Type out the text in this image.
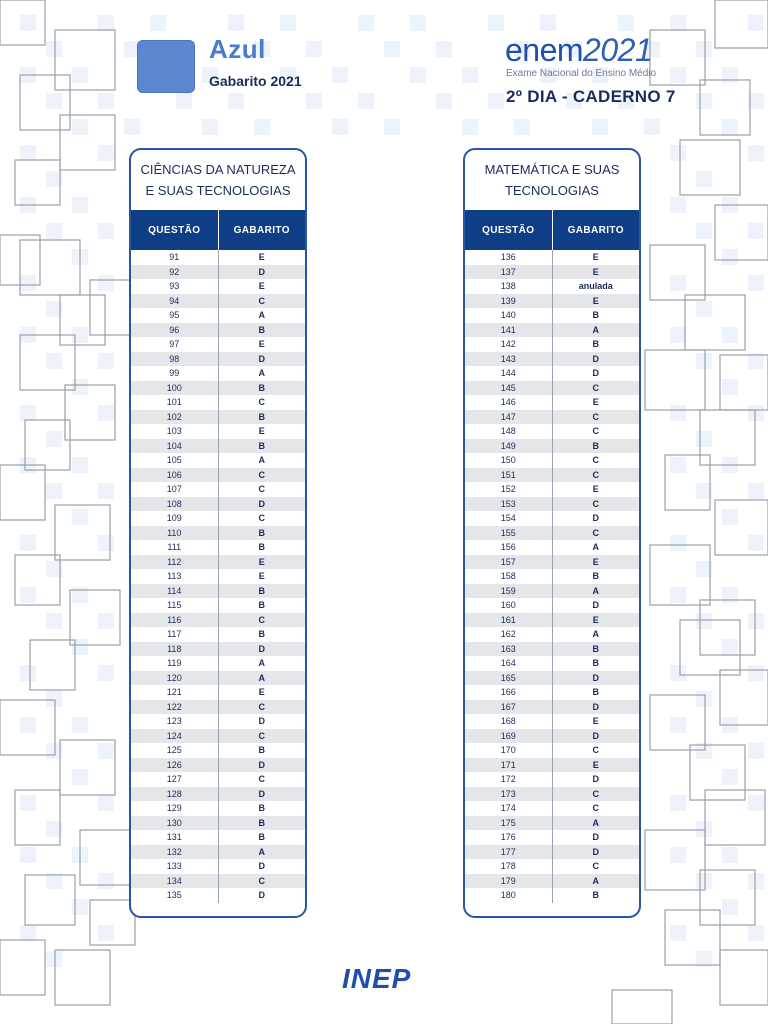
Azul
Gabarito 2021
enem2021
Exame Nacional do Ensino Médio
2º DIA - CADERNO 7
CIÊNCIAS DA NATUREZA
E SUAS TECNOLOGIAS
QUESTÃO	GABARITO
91	E
92	D
93	E
94	C
95	A
96	B
97	E
98	D
99	A
100	B
101	C
102	B
103	E
104	B
105	A
106	C
107	C
108	D
109	C
110	B
111	B
112	E
113	E
114	B
115	B
116	C
117	B
118	D
119	A
120	A
121	E
122	C
123	D
124	C
125	B
126	D
127	C
128	D
129	B
130	B
131	B
132	A
133	D
134	C
135	D
MATEMÁTICA E SUAS
TECNOLOGIAS
QUESTÃO	GABARITO
136	E
137	E
138	anulada
139	E
140	B
141	A
142	B
143	D
144	D
145	C
146	E
147	C
148	C
149	B
150	C
151	C
152	E
153	C
154	D
155	C
156	A
157	E
158	B
159	A
160	D
161	E
162	A
163	B
164	B
165	D
166	B
167	D
168	E
169	D
170	C
171	E
172	D
173	C
174	C
175	A
176	D
177	D
178	C
179	A
180	B
INEP
